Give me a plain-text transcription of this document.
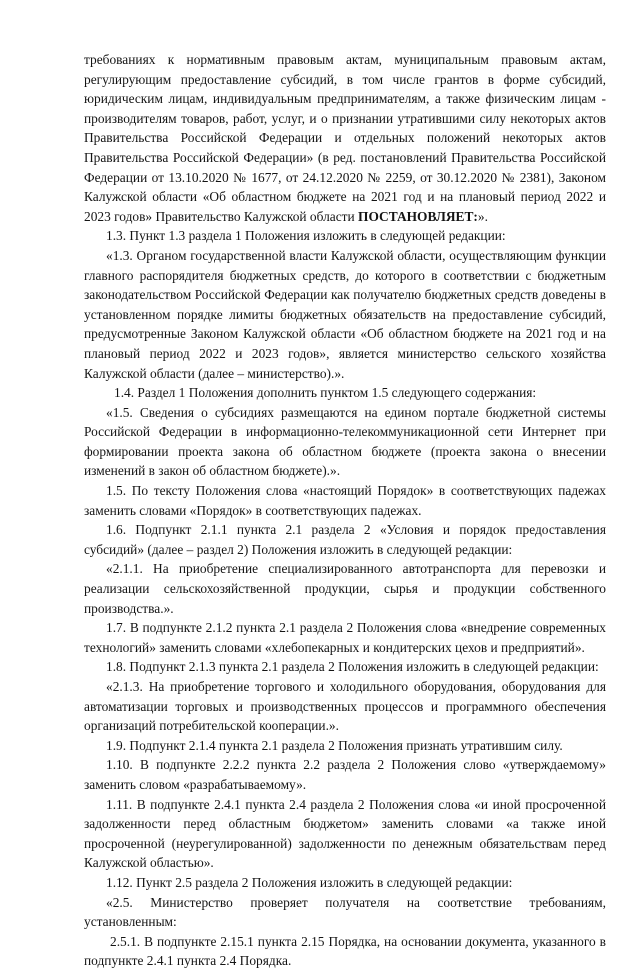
требованиях к нормативным правовым актам, муниципальным правовым актам, регулирующим предоставление субсидий, в том числе грантов в форме субсидий, юридическим лицам, индивидуальным предпринимателям, а также физическим лицам - производителям товаров, работ, услуг, и о признании утратившими силу некоторых актов Правительства Российской Федерации и отдельных положений некоторых актов Правительства Российской Федерации» (в ред. постановлений Правительства Российской Федерации от 13.10.2020 № 1677, от 24.12.2020 № 2259, от 30.12.2020 № 2381), Законом Калужской области «Об областном бюджете на 2021 год и на плановый период 2022 и 2023 годов» Правительство Калужской области ПОСТАНОВЛЯЕТ:».

1.3. Пункт 1.3 раздела 1 Положения изложить в следующей редакции:

«1.3. Органом государственной власти Калужской области, осуществляющим функции главного распорядителя бюджетных средств, до которого в соответствии с бюджетным законодательством Российской Федерации как получателю бюджетных средств доведены в установленном порядке лимиты бюджетных обязательств на предоставление субсидий, предусмотренные Законом Калужской области «Об областном бюджете на 2021 год и на плановый период 2022 и 2023 годов», является министерство сельского хозяйства Калужской области (далее – министерство).».

1.4. Раздел 1 Положения дополнить пунктом 1.5 следующего содержания:

«1.5. Сведения о субсидиях размещаются на едином портале бюджетной системы Российской Федерации в информационно-телекоммуникационной сети Интернет при формировании проекта закона об областном бюджете (проекта закона о внесении изменений в закон об областном бюджете).».

1.5. По тексту Положения слова «настоящий Порядок» в соответствующих падежах заменить словами «Порядок» в соответствующих падежах.

1.6. Подпункт 2.1.1 пункта 2.1 раздела 2 «Условия и порядок предоставления субсидий» (далее – раздел 2) Положения изложить в следующей редакции:

«2.1.1. На приобретение специализированного автотранспорта для перевозки и реализации сельскохозяйственной продукции, сырья и продукции собственного производства.».

1.7. В подпункте 2.1.2 пункта 2.1 раздела 2 Положения слова «внедрение современных технологий» заменить словами «хлебопекарных и кондитерских цехов и предприятий».

1.8. Подпункт 2.1.3 пункта 2.1 раздела 2 Положения изложить в следующей редакции:

«2.1.3. На приобретение торгового и холодильного оборудования, оборудования для автоматизации торговых и производственных процессов и программного обеспечения организаций потребительской кооперации.».

1.9. Подпункт 2.1.4 пункта 2.1 раздела 2 Положения признать утратившим силу.

1.10. В подпункте 2.2.2 пункта 2.2 раздела 2 Положения слово «утверждаемому» заменить словом «разрабатываемому».

1.11. В подпункте 2.4.1 пункта 2.4 раздела 2 Положения слова «и иной просроченной задолженности перед областным бюджетом» заменить словами «а также иной просроченной (неурегулированной) задолженности по денежным обязательствам перед Калужской областью».

1.12. Пункт 2.5 раздела 2 Положения изложить в следующей редакции:

«2.5. Министерство проверяет получателя на соответствие требованиям, установленным:

2.5.1. В подпункте 2.15.1 пункта 2.15 Порядка, на основании документа, указанного в подпункте 2.4.1 пункта 2.4 Порядка.
